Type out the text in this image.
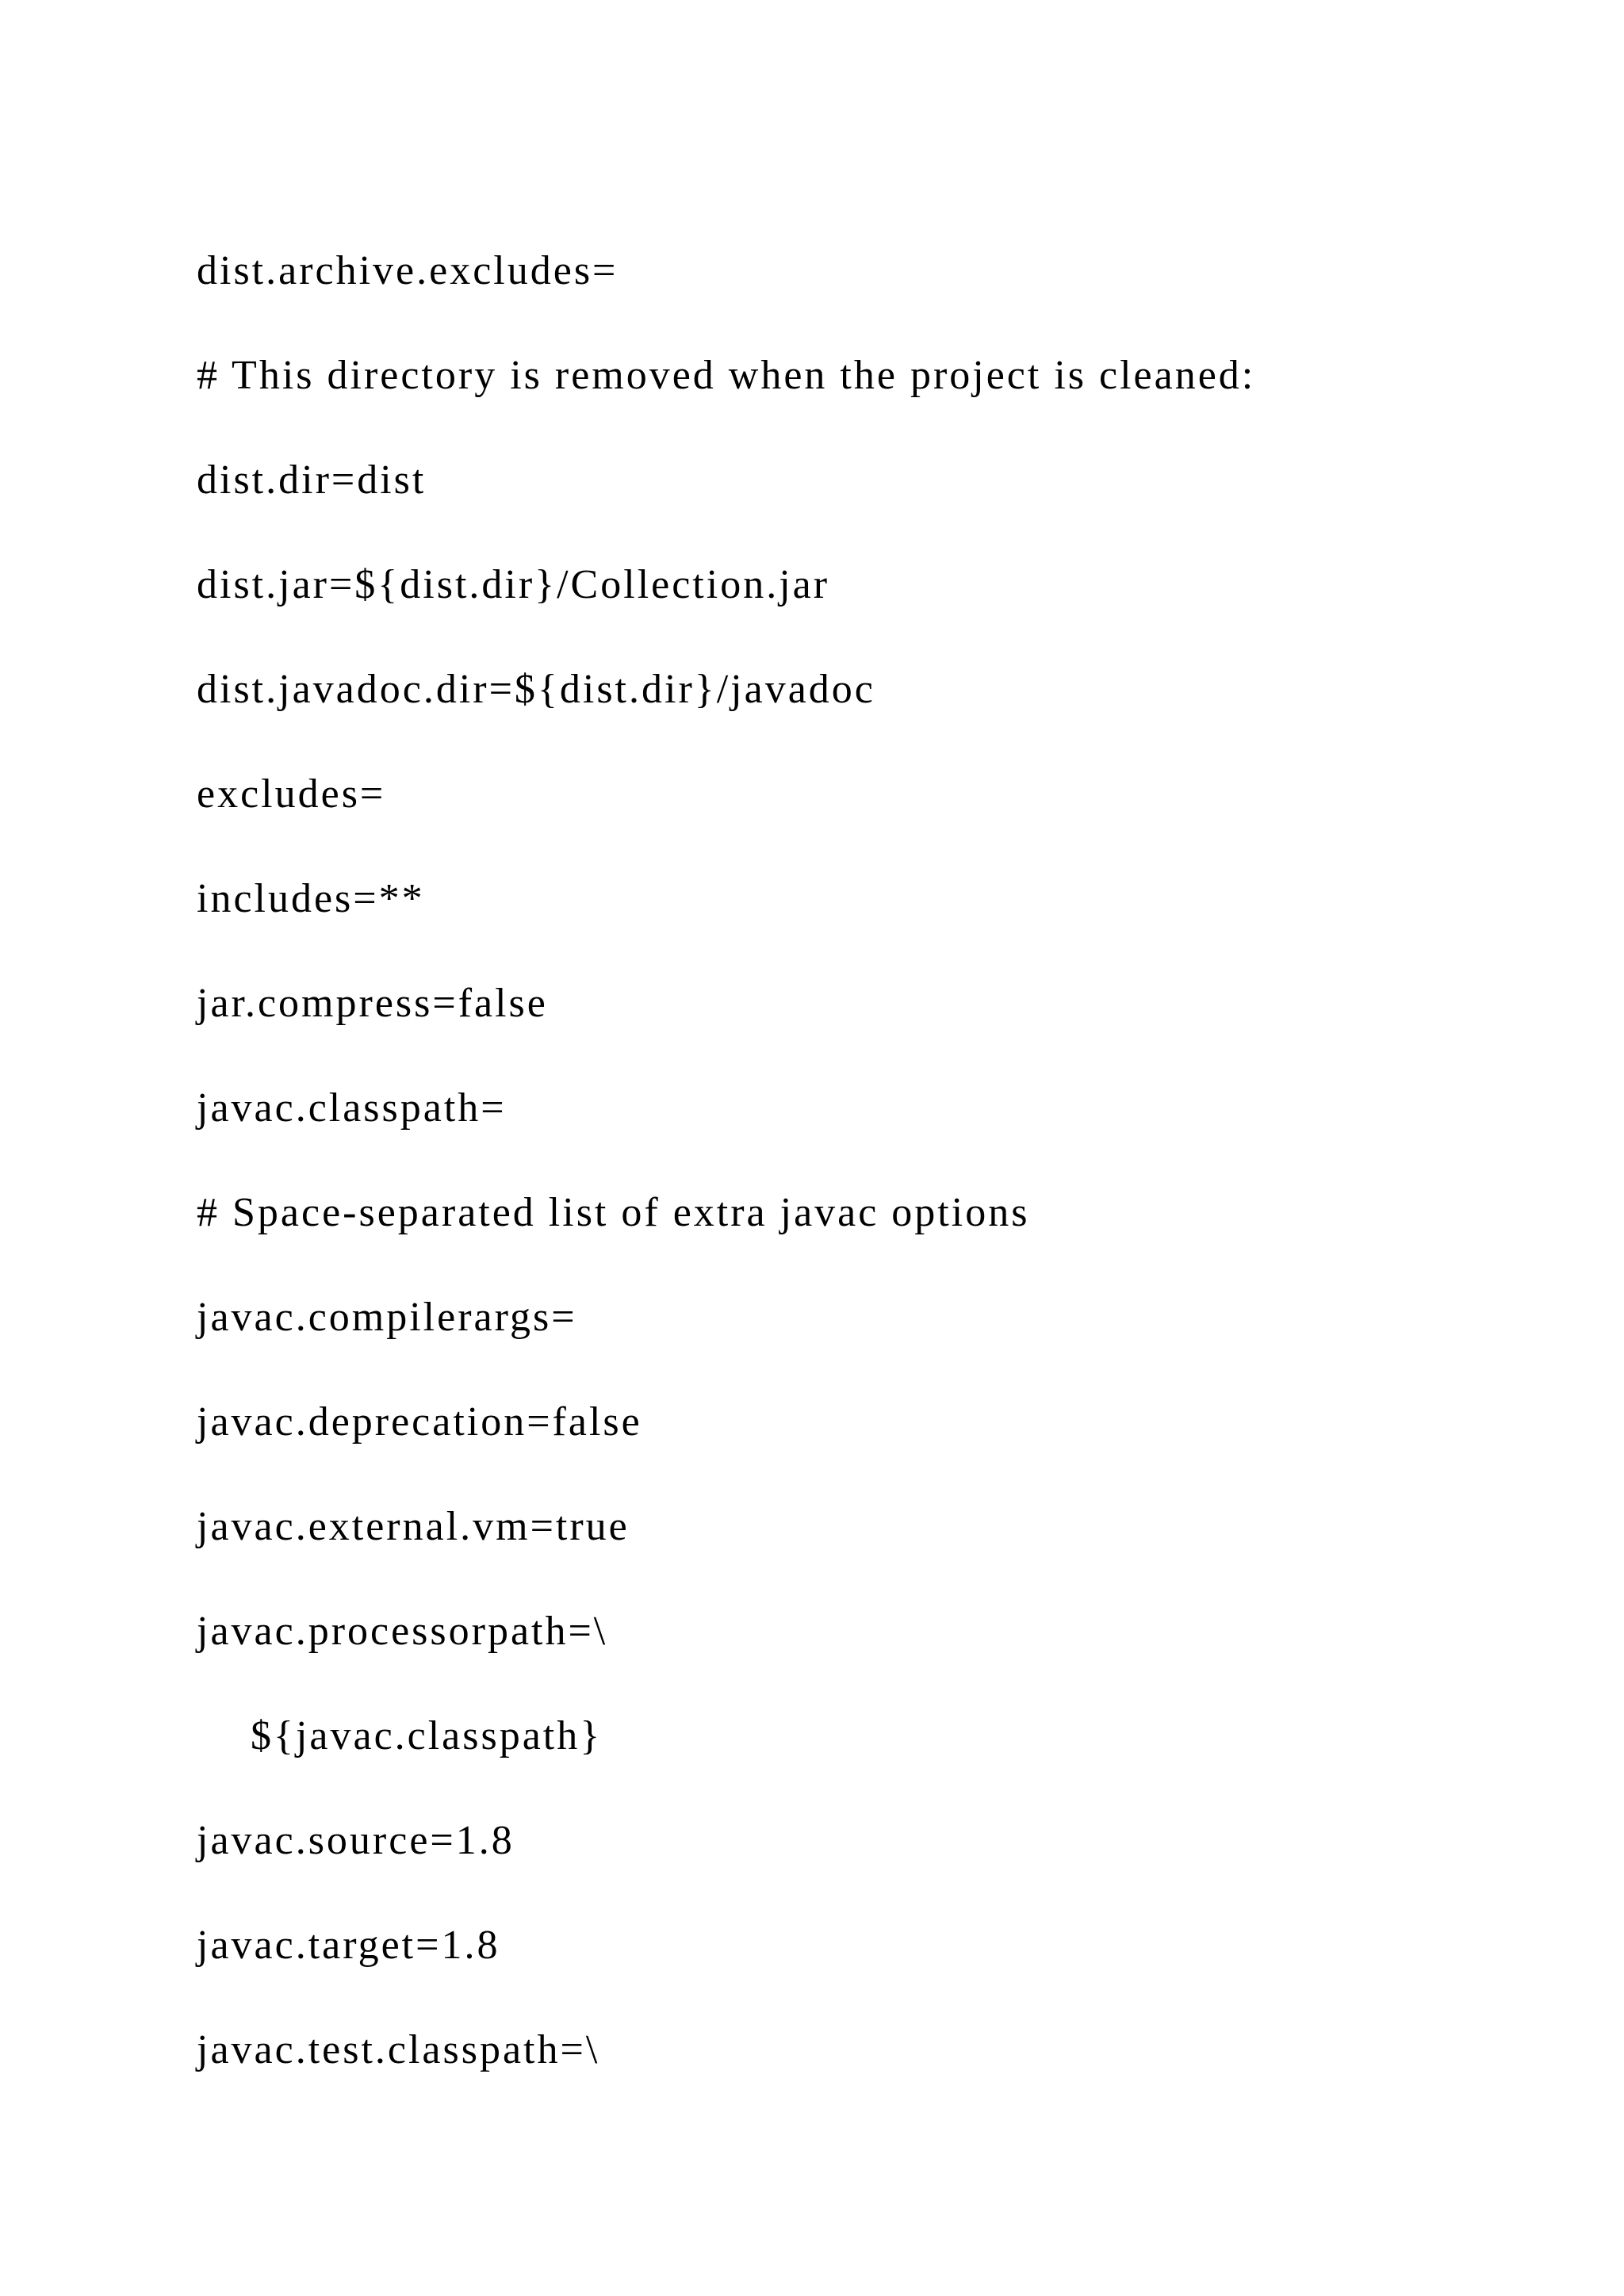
dist.archive.excludes=
# This directory is removed when the project is cleaned:
dist.dir=dist
dist.jar=${dist.dir}/Collection.jar
dist.javadoc.dir=${dist.dir}/javadoc
excludes=
includes=**
jar.compress=false
javac.classpath=
# Space-separated list of extra javac options
javac.compilerargs=
javac.deprecation=false
javac.external.vm=true
javac.processorpath=\
${javac.classpath}
javac.source=1.8
javac.target=1.8
javac.test.classpath=\
